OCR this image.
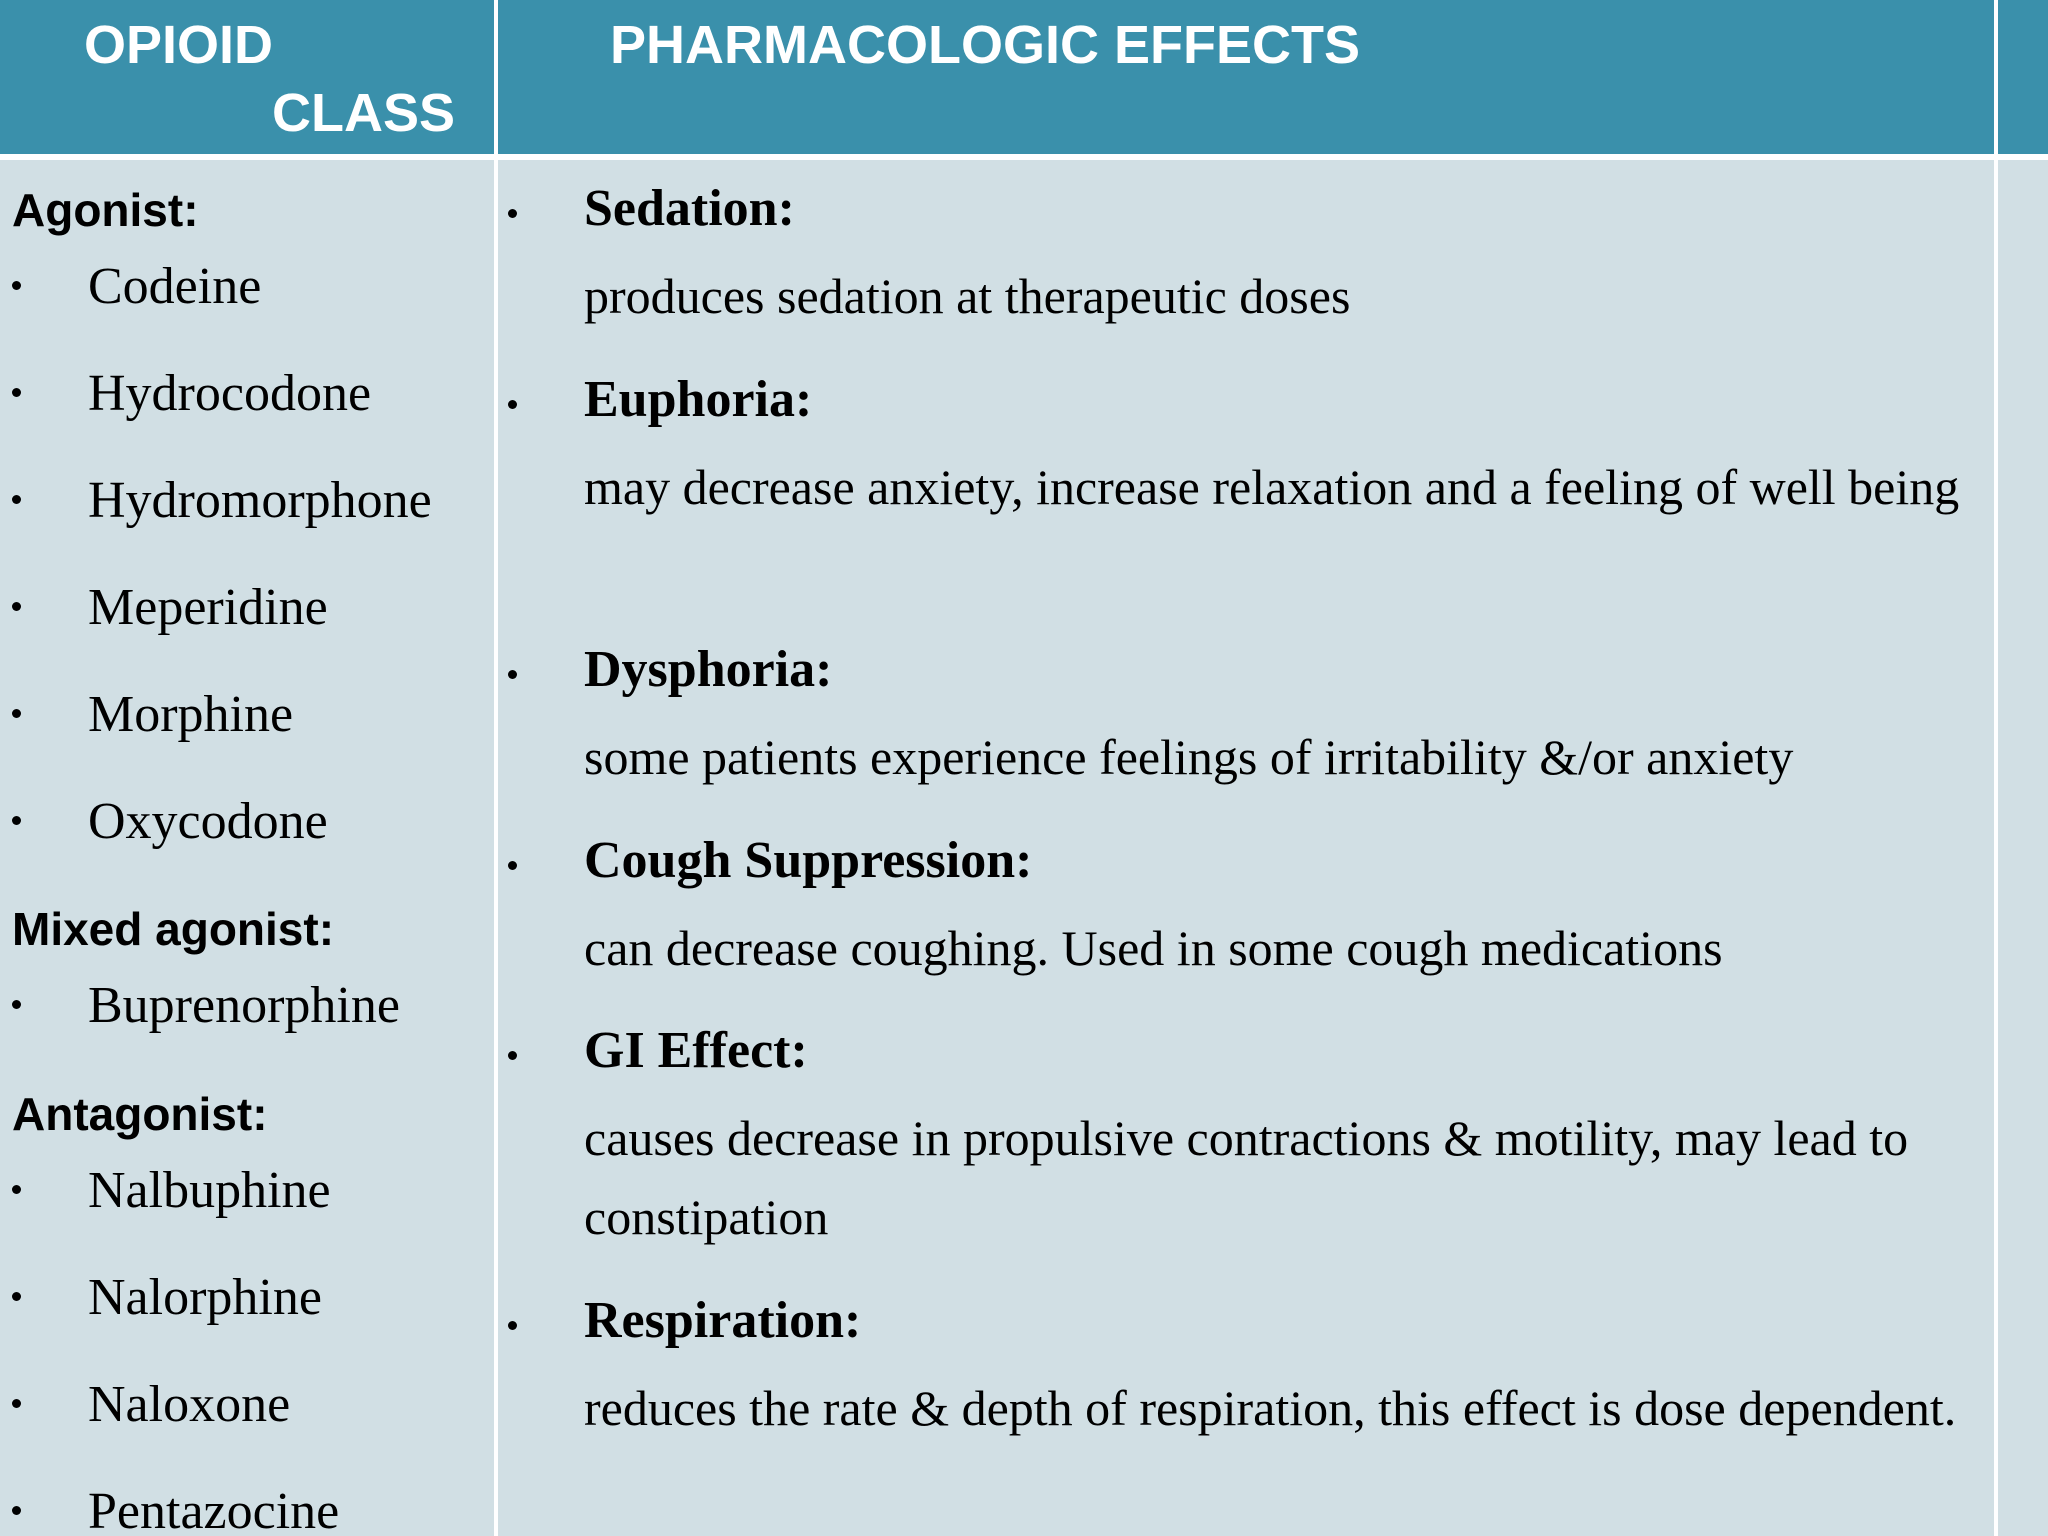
OPIOID
CLASS
PHARMACOLOGIC EFFECTS
Agonist:
Codeine
Hydrocodone
Hydromorphone
Meperidine
Morphine
Oxycodone
Mixed agonist:
Buprenorphine
Antagonist:
Nalbuphine
Nalorphine
Naloxone
Pentazocine
Sedation:
produces sedation at therapeutic doses
Euphoria:
may decrease anxiety, increase relaxation and a feeling of well being
Dysphoria:
some patients experience feelings of irritability &/or anxiety
Cough Suppression:
can decrease coughing. Used in some cough medications
GI Effect:
causes decrease in propulsive contractions & motility, may lead to constipation
Respiration:
reduces the rate & depth of respiration, this effect is dose dependent.
